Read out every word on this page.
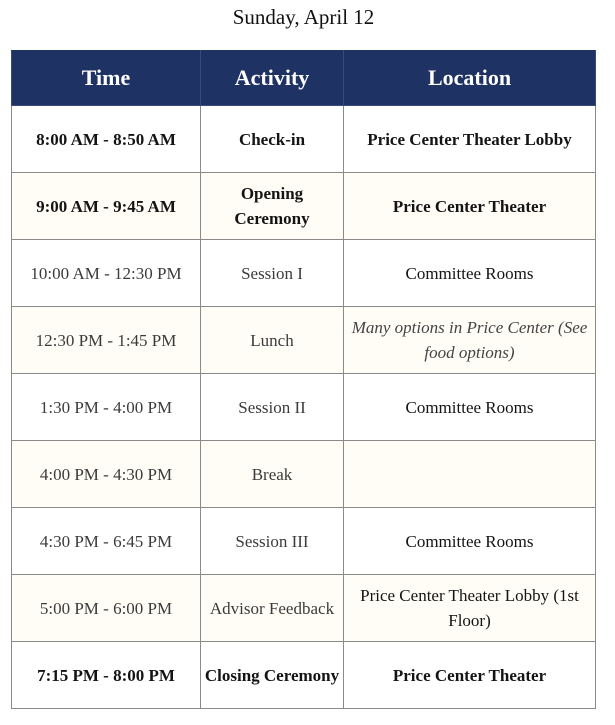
Sunday, April 12
Time	Activity	Location
8:00 AM - 8:50 AM	Check-in	Price Center Theater Lobby
9:00 AM - 9:45 AM	Opening Ceremony	Price Center Theater
10:00 AM - 12:30 PM	Session I	Committee Rooms
12:30 PM - 1:45 PM	Lunch	Many options in Price Center (See food options)
1:30 PM - 4:00 PM	Session II	Committee Rooms
4:00 PM - 4:30 PM	Break	
4:30 PM - 6:45 PM	Session III	Committee Rooms
5:00 PM - 6:00 PM	Advisor Feedback	Price Center Theater Lobby (1st Floor)
7:15 PM - 8:00 PM	Closing Ceremony	Price Center Theater
